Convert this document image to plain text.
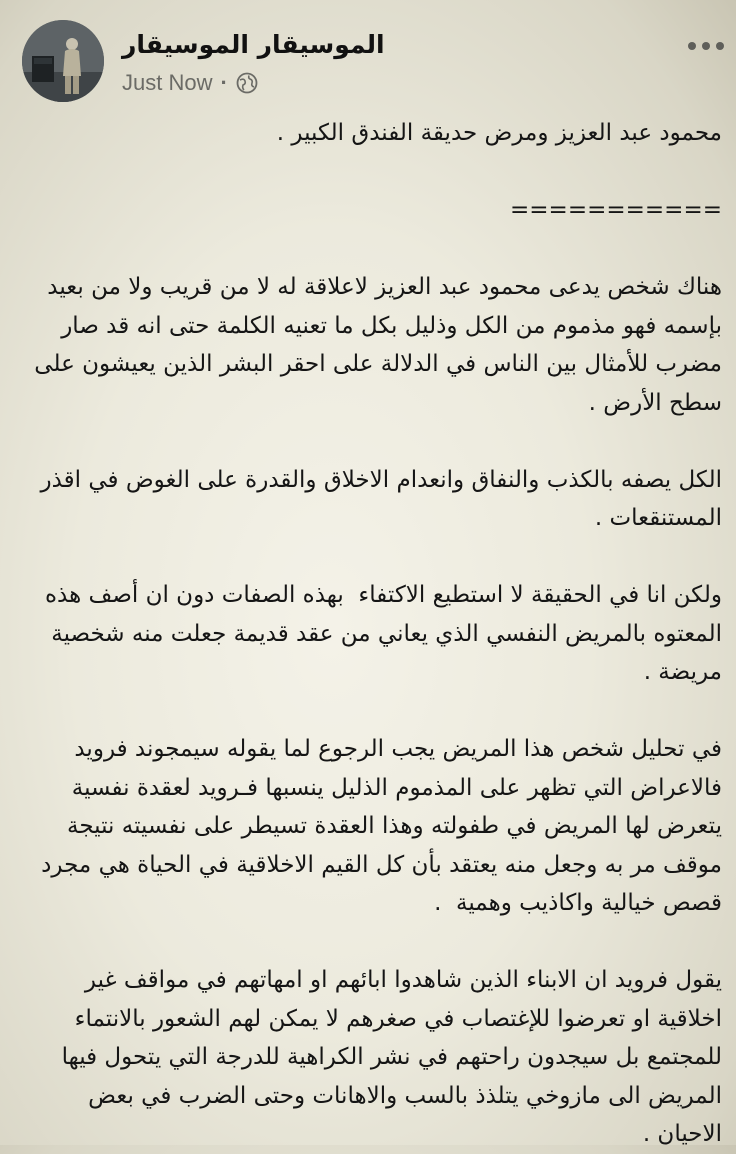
الموسيقار الموسيقار
Just Now ·
محمود عبد العزيز ومرض حديقة الفندق الكبير .
===========
هناك شخص يدعى محمود عبد العزيز لاعلاقة له لا من قريب ولا من بعيد بإسمه فهو مذموم من الكل وذليل بكل ما تعنيه الكلمة حتى انه قد صار مضرب للأمثال بين الناس في الدلالة على احقر البشر الذين يعيشون على سطح الأرض .
الكل يصفه بالكذب والنفاق وانعدام الاخلاق والقدرة على الغوض في اقذر المستنقعات .
ولكن انا في الحقيقة لا استطيع الاكتفاء  بهذه الصفات دون ان أصف هذه المعتوه بالمريض النفسي الذي يعاني من عقد قديمة جعلت منه شخصية مريضة .
في تحليل شخص هذا المريض يجب الرجوع لما يقوله سيمجوند فرويد فالاعراض التي تظهر على المذموم الذليل ينسبها فـرويد لعقدة نفسية يتعرض لها المريض في طفولته وهذا العقدة تسيطر على نفسيته نتيجة موقف مر به وجعل منه يعتقد بأن كل القيم الاخلاقية في الحياة هي مجرد قصص خيالية واكاذيب وهمية  .
يقول فرويد ان الابناء الذين شاهدوا ابائهم او امهاتهم في مواقف غير اخلاقية او تعرضوا للإغتصاب في صغرهم لا يمكن لهم الشعور بالانتماء للمجتمع بل سيجدون راحتهم في نشر الكراهية للدرجة التي يتحول فيها المريض الى مازوخي يتلذذ بالسب والاهانات وحتى الضرب في بعض الاحيان .
